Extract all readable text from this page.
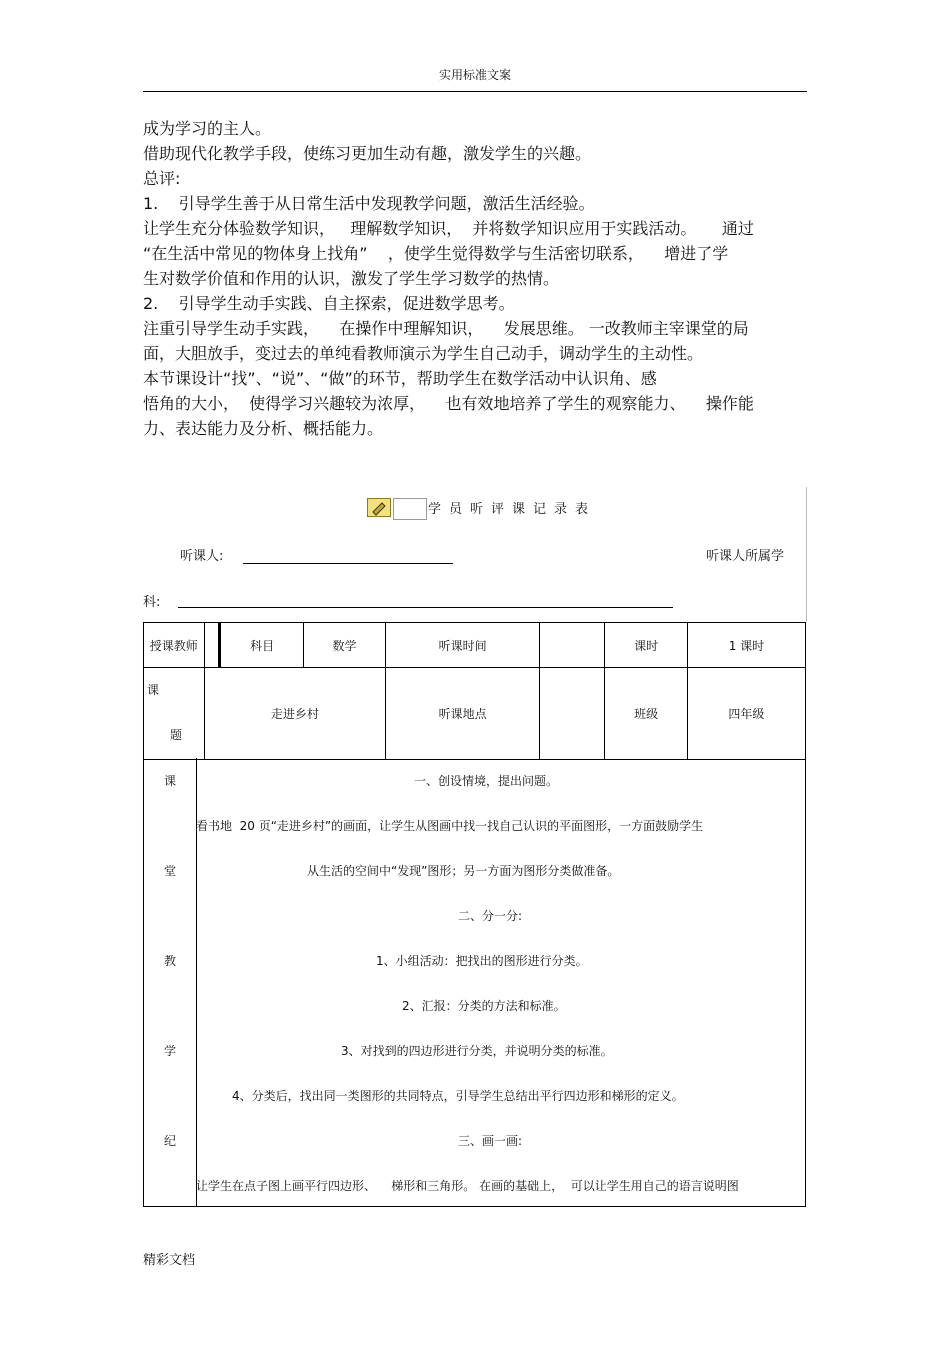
实用标准文案

成为学习的主人。

借助现代化教学手段，使练习更加生动有趣，激发学生的兴趣。

总评:

1.    引导学生善于从日常生活中发现教学问题，激活生活经验。

让学生充分体验数学知识，   理解数学知识，  并将数学知识应用于实践活动。     通过

“在生活中常见的物体身上找角”    ，使学生觉得数学与生活密切联系，    增进了学

生对数学价值和作用的认识，激发了学生学习数学的热情。

2.    引导学生动手实践、自主探索，促进数学思考。

注重引导学生动手实践，    在操作中理解知识，    发展思维。 一改教师主宰课堂的局

面，大胆放手，变过去的单纯看教师演示为学生自己动手，调动学生的主动性。

本节课设计“找”、“说”、“做”的环节，帮助学生在数学活动中认识角、感

悟角的大小，  使得学习兴趣较为浓厚，    也有效地培养了学生的观察能力、    操作能

力、表达能力及分析、概括能力。

学员听评课记录表
听课人:	听课人所属学
科:
授课教师		科目	数学	听课时间		课时	1 课时

课
题	走进乡村			听课地点		班级	四年级
课
堂
教
学
纪
一、创设情境，提出问题。
看书地  20 页“走进乡村”的画面，让学生从图画中找一找自己认识的平面图形，一方面鼓励学生
从生活的空间中“发现”图形；另一方面为图形分类做准备。
二、分一分:
1、小组活动：把找出的图形进行分类。
2、汇报：分类的方法和标准。
3、对找到的四边形进行分类，并说明分类的标准。
4、分类后，找出同一类图形的共同特点，引导学生总结出平行四边形和梯形的定义。
三、画一画:
让学生在点子图上画平行四边形、    梯形和三角形。 在画的基础上，  可以让学生用自己的语言说明图
精彩文档
